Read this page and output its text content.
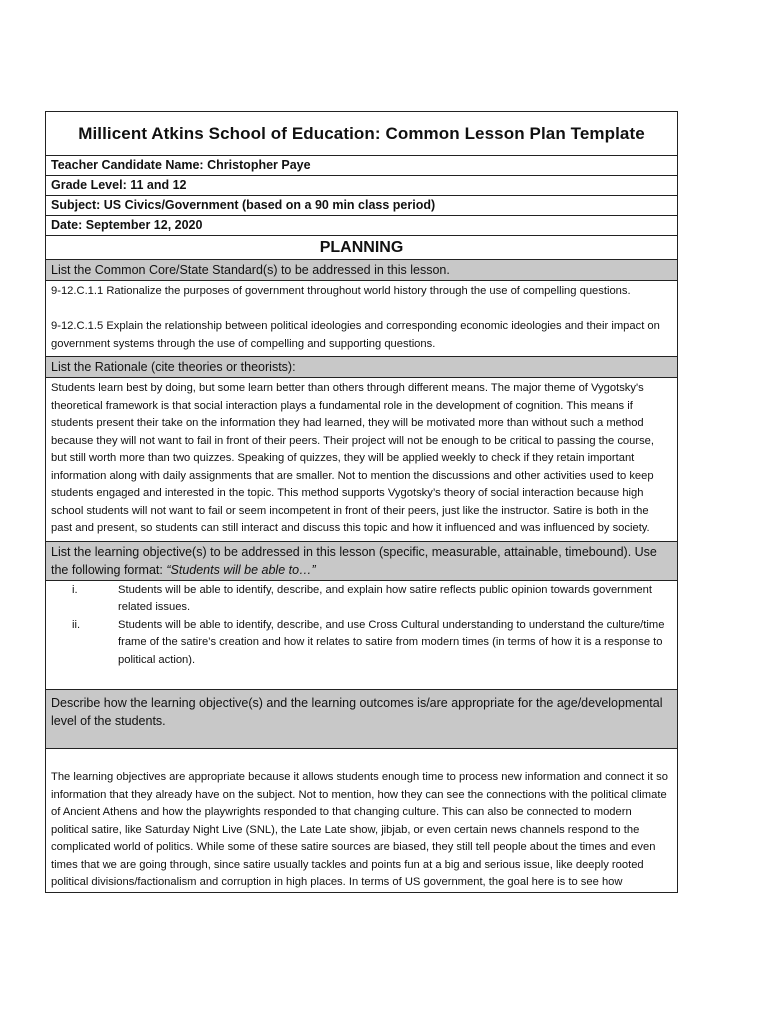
Millicent Atkins School of Education: Common Lesson Plan Template
Teacher Candidate Name: Christopher Paye
Grade Level: 11 and 12
Subject: US Civics/Government (based on a 90 min class period)
Date: September 12, 2020
PLANNING
List the Common Core/State Standard(s) to be addressed in this lesson.

9-12.C.1.1 Rationalize the purposes of government throughout world history through the use of compelling questions.

9-12.C.1.5 Explain the relationship between political ideologies and corresponding economic ideologies and their impact on government systems through the use of compelling and supporting questions.

List the Rationale (cite theories or theorists):
Students learn best by doing, but some learn better than others through different means. The major theme of Vygotsky's theoretical framework is that social interaction plays a fundamental role in the development of cognition. This means if students present their take on the information they had learned, they will be motivated more than without such a method because they will not want to fail in front of their peers. Their project will not be enough to be critical to passing the course, but still worth more than two quizzes. Speaking of quizzes, they will be applied weekly to check if they retain important information along with daily assignments that are smaller. Not to mention the discussions and other activities used to keep students engaged and interested in the topic. This method supports Vygotsky’s theory of social interaction because high school students will not want to fail or seem incompetent in front of their peers, just like the instructor. Satire is both in the past and present, so students can still interact and discuss this topic and how it influenced and was influenced by society.
List the learning objective(s) to be addressed in this lesson (specific, measurable, attainable, timebound). Use the following format: “Students will be able to…”
i.	Students will be able to identify, describe, and explain how satire reflects public opinion towards government related issues.
ii.	Students will be able to identify, describe, and use Cross Cultural understanding to understand the culture/time frame of the satire’s creation and how it relates to satire from modern times (in terms of how it is a response to political action).
Describe how the learning objective(s) and the learning outcomes is/are appropriate for the age/developmental level of the students.
The learning objectives are appropriate because it allows students enough time to process new information and connect it so information that they already have on the subject. Not to mention, how they can see the connections with the political climate of Ancient Athens and how the playwrights responded to that changing culture. This can also be connected to modern political satire, like Saturday Night Live (SNL), the Late Late show, jibjab, or even certain news channels respond to the complicated world of politics. While some of these satire sources are biased, they still tell people about the times and even times that we are going through, since satire usually tackles and points fun at a big and serious issue, like deeply rooted political divisions/factionalism and corruption in high places. In terms of US government, the goal here is to see how
